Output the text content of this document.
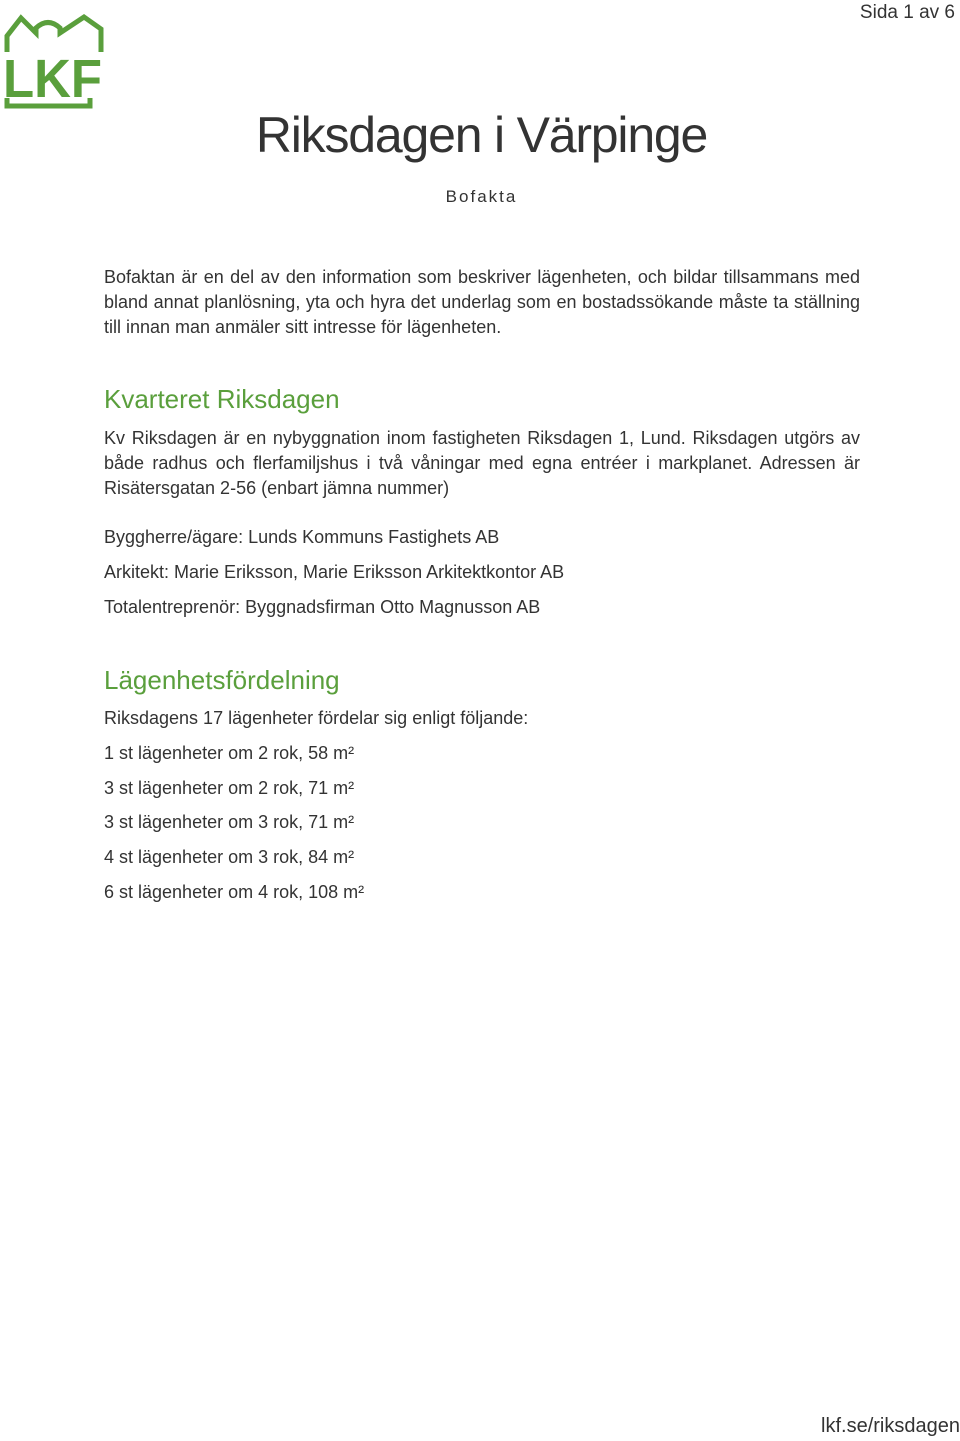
Sida 1 av 6
LKF
Riksdagen i Värpinge
Bofakta
Bofaktan är en del av den information som beskriver lägenheten, och bildar tillsammans med
bland annat planlösning, yta och hyra det underlag som en bostadssökande måste ta ställning
till innan man anmäler sitt intresse för lägenheten.
Kvarteret Riksdagen
Kv Riksdagen är en nybyggnation inom fastigheten Riksdagen 1, Lund. Riksdagen utgörs av
både radhus och flerfamiljshus i två våningar med egna entréer i markplanet. Adressen är
Risätersgatan 2-56 (enbart jämna nummer)
Byggherre/ägare: Lunds Kommuns Fastighets AB
Arkitekt: Marie Eriksson, Marie Eriksson Arkitektkontor AB
Totalentreprenör: Byggnadsfirman Otto Magnusson AB
Lägenhetsfördelning
Riksdagens 17 lägenheter fördelar sig enligt följande:
1 st lägenheter om 2 rok, 58 m²
3 st lägenheter om 2 rok, 71 m²
3 st lägenheter om 3 rok, 71 m²
4 st lägenheter om 3 rok, 84 m²
6 st lägenheter om 4 rok, 108 m²
lkf.se/riksdagen
